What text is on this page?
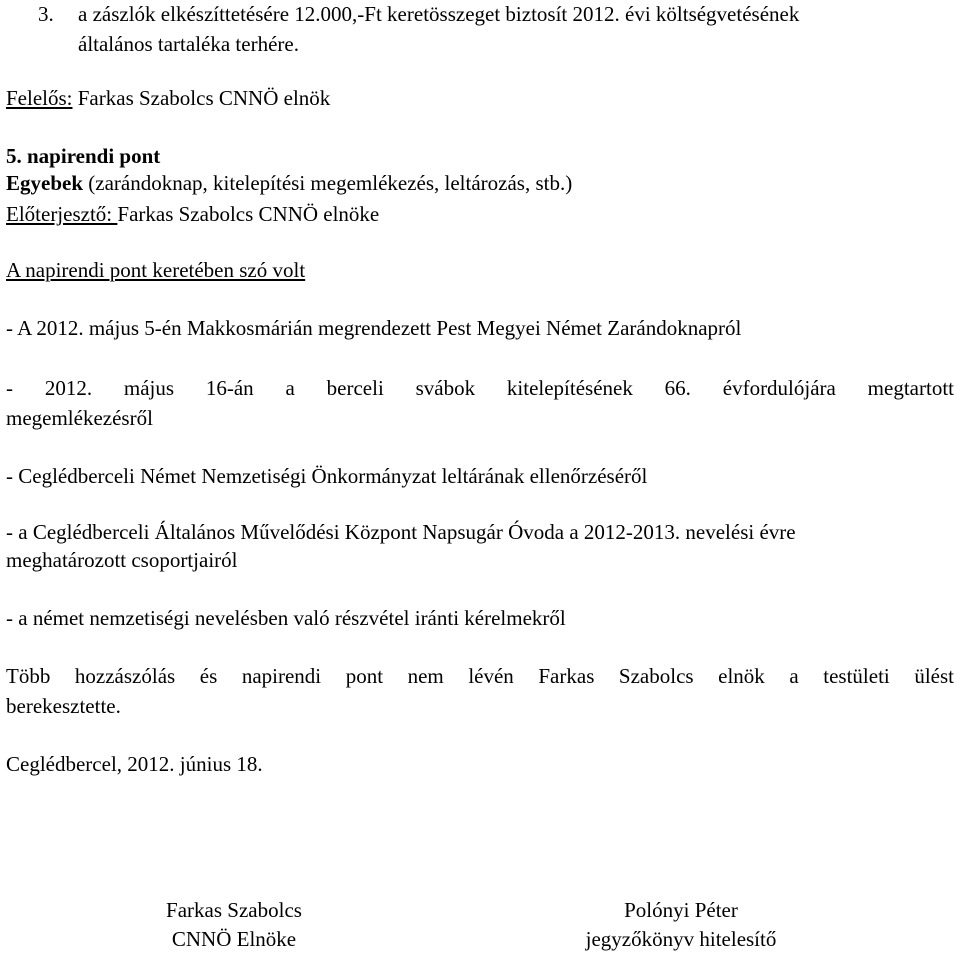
3. a zászlók elkészíttetésére 12.000,-Ft keretösszeget biztosít 2012. évi költségvetésének
általános tartaléka terhére.
Felelős: Farkas Szabolcs CNNÖ elnök
5. napirendi pont
Egyebek (zarándoknap, kitelepítési megemlékezés, leltározás, stb.)
Előterjesztő: Farkas Szabolcs CNNÖ elnöke
A napirendi pont keretében szó volt
- A 2012. május 5-én Makkosmárián megrendezett Pest Megyei Német Zarándoknapról
- 2012. május 16-án a berceli svábok kitelepítésének 66. évfordulójára megtartott
megemlékezésről
- Ceglédberceli Német Nemzetiségi Önkormányzat leltárának ellenőrzéséről
- a Ceglédberceli Általános Művelődési Központ Napsugár Óvoda a 2012-2013. nevelési évre
meghatározott csoportjairól
- a német nemzetiségi nevelésben való részvétel iránti kérelmekről
Több hozzászólás és napirendi pont nem lévén Farkas Szabolcs elnök a testületi ülést
berekesztette.
Ceglédbercel, 2012. június 18.
Farkas Szabolcs
CNNÖ Elnöke
Polónyi Péter
jegyzőkönyv hitelesítő
